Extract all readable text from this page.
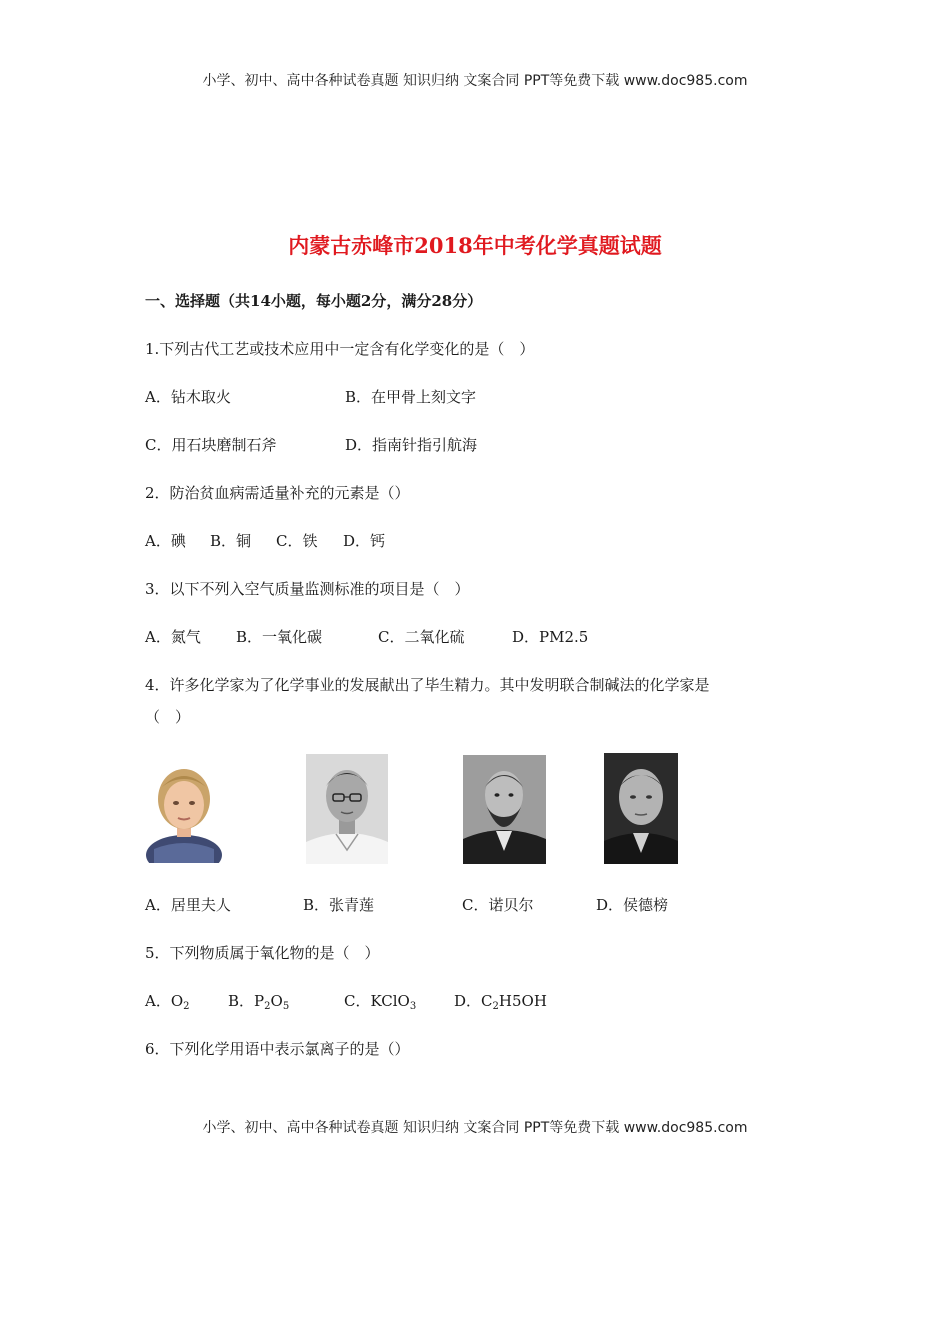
小学、初中、高中各种试卷真题 知识归纳 文案合同 PPT等免费下载 www.doc985.com
内蒙古赤峰市2018年中考化学真题试题
一、选择题（共14小题，每小题2分，满分28分）
1.下列古代工艺或技术应用中一定含有化学变化的是（　）
A．钻木取火	B．在甲骨上刻文字
C．用石块磨制石斧	D．指南针指引航海
2．防治贫血病需适量补充的元素是（）
A．碘 B．铜 C．铁 D．钙
3．以下不列入空气质量监测标准的项目是（　）
A．氮气 B．一氧化碳	C．二氧化硫	D．PM2.5
4．许多化学家为了化学事业的发展献出了毕生精力。其中发明联合制碱法的化学家是
（　）
A．居里夫人	B．张青莲	C．诺贝尔	D．侯德榜
5．下列物质属于氧化物的是（　）
A．$O_2$	B．$P_2O_5$	C．KClO$_3$	D．$C_2H5OH$
6．下列化学用语中表示氯离子的是（）
小学、初中、高中各种试卷真题 知识归纳 文案合同 PPT等免费下载 www.doc985.com
